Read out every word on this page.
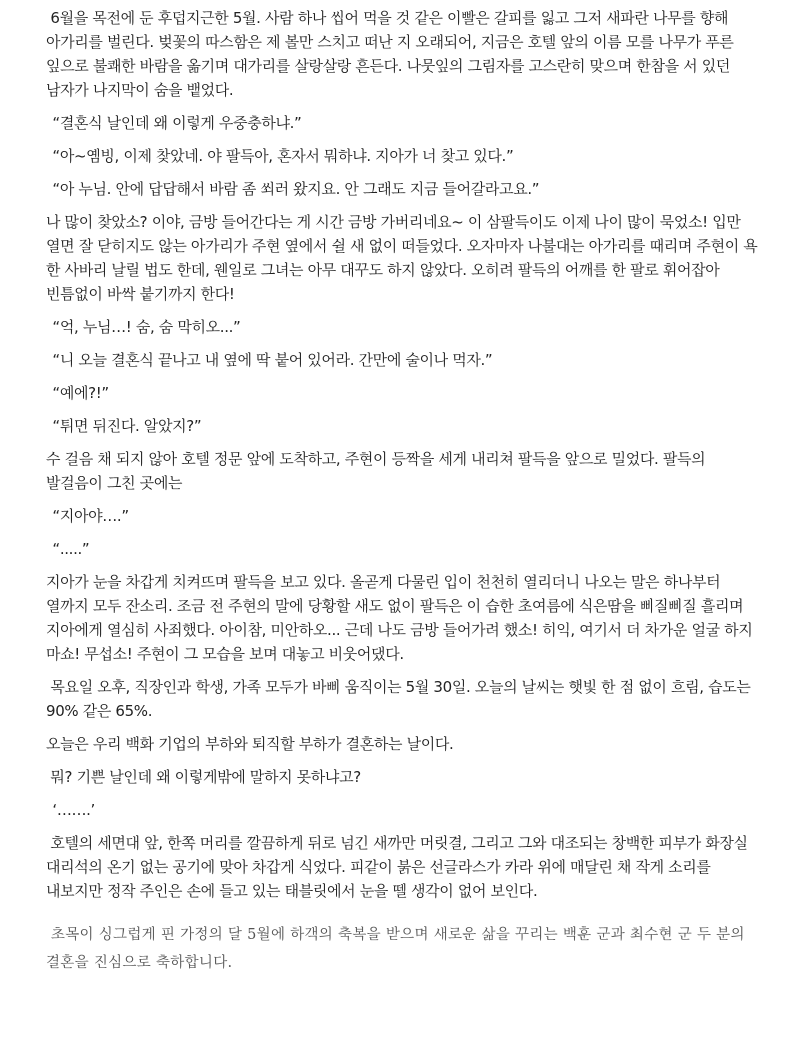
6월을 목전에 둔 후덥지근한 5월. 사람 하나 씹어 먹을 것 같은 이빨은 갈피를 잃고 그저 새파란 나무를 향해 아가리를 벌린다. 벚꽃의 따스함은 제 볼만 스치고 떠난 지 오래되어, 지금은 호텔 앞의 이름 모를 나무가 푸른 잎으로 불쾌한 바람을 옮기며 대가리를 살랑살랑 흔든다. 나뭇잎의 그림자를 고스란히 맞으며 한참을 서 있던 남자가 나지막이 숨을 뱉었다.
“결혼식 날인데 왜 이렇게 우중충하냐.”
“아~옘빙, 이제 찾았네. 야 팔득아, 혼자서 뭐하냐. 지아가 너 찾고 있다.”
“아 누님. 안에 답답해서 바람 좀 쐬러 왔지요. 안 그래도 지금 들어갈라고요.”
나 많이 찾았소? 이야, 금방 들어간다는 게 시간 금방 가버리네요~ 이 삼팔득이도 이제 나이 많이 묵었소! 입만 열면 잘 닫히지도 않는 아가리가 주현 옆에서 쉴 새 없이 떠들었다. 오자마자 나불대는 아가리를 때리며 주현이 욕 한 사바리 날릴 법도 한데, 웬일로 그녀는 아무 대꾸도 하지 않았다. 오히려 팔득의 어깨를 한 팔로 휘어잡아 빈틈없이 바싹 붙기까지 한다!
“억, 누님…! 숨, 숨 막히오...”
“니 오늘 결혼식 끝나고 내 옆에 딱 붙어 있어라. 간만에 술이나 먹자.”
“예에?!”
“튀면 뒤진다. 알았지?”
수 걸음 채 되지 않아 호텔 정문 앞에 도착하고, 주현이 등짝을 세게 내리쳐 팔득을 앞으로 밀었다. 팔득의 발걸음이 그친 곳에는
“지아야….”
“.....”
지아가 눈을 차갑게 치켜뜨며 팔득을 보고 있다. 올곧게 다물린 입이 천천히 열리더니 나오는 말은 하나부터 열까지 모두 잔소리. 조금 전 주현의 말에 당황할 새도 없이 팔득은 이 습한 초여름에 식은땀을 삐질삐질 흘리며 지아에게 열심히 사죄했다. 아이참, 미안하오... 근데 나도 금방 들어가려 했소! 히익, 여기서 더 차가운 얼굴 하지 마쇼! 무섭소! 주현이 그 모습을 보며 대놓고 비웃어댔다.
목요일 오후, 직장인과 학생, 가족 모두가 바삐 움직이는 5월 30일. 오늘의 날씨는 햇빛 한 점 없이 흐림, 습도는 90% 같은 65%.
오늘은 우리 백화 기업의 부하와 퇴직할 부하가 결혼하는 날이다.
뭐? 기쁜 날인데 왜 이렇게밖에 말하지 못하냐고?
‘…….’
호텔의 세면대 앞, 한쪽 머리를 깔끔하게 뒤로 넘긴 새까만 머릿결, 그리고 그와 대조되는 창백한 피부가 화장실 대리석의 온기 없는 공기에 맞아 차갑게 식었다. 피같이 붉은 선글라스가 카라 위에 매달린 채 작게 소리를 내보지만 정작 주인은 손에 들고 있는 태블릿에서 눈을 뗄 생각이 없어 보인다.
초목이 싱그럽게 핀 가정의 달 5월에 하객의 축복을 받으며 새로운 삶을 꾸리는 백훈 군과 최수현 군 두 분의 결혼을 진심으로 축하합니다.
